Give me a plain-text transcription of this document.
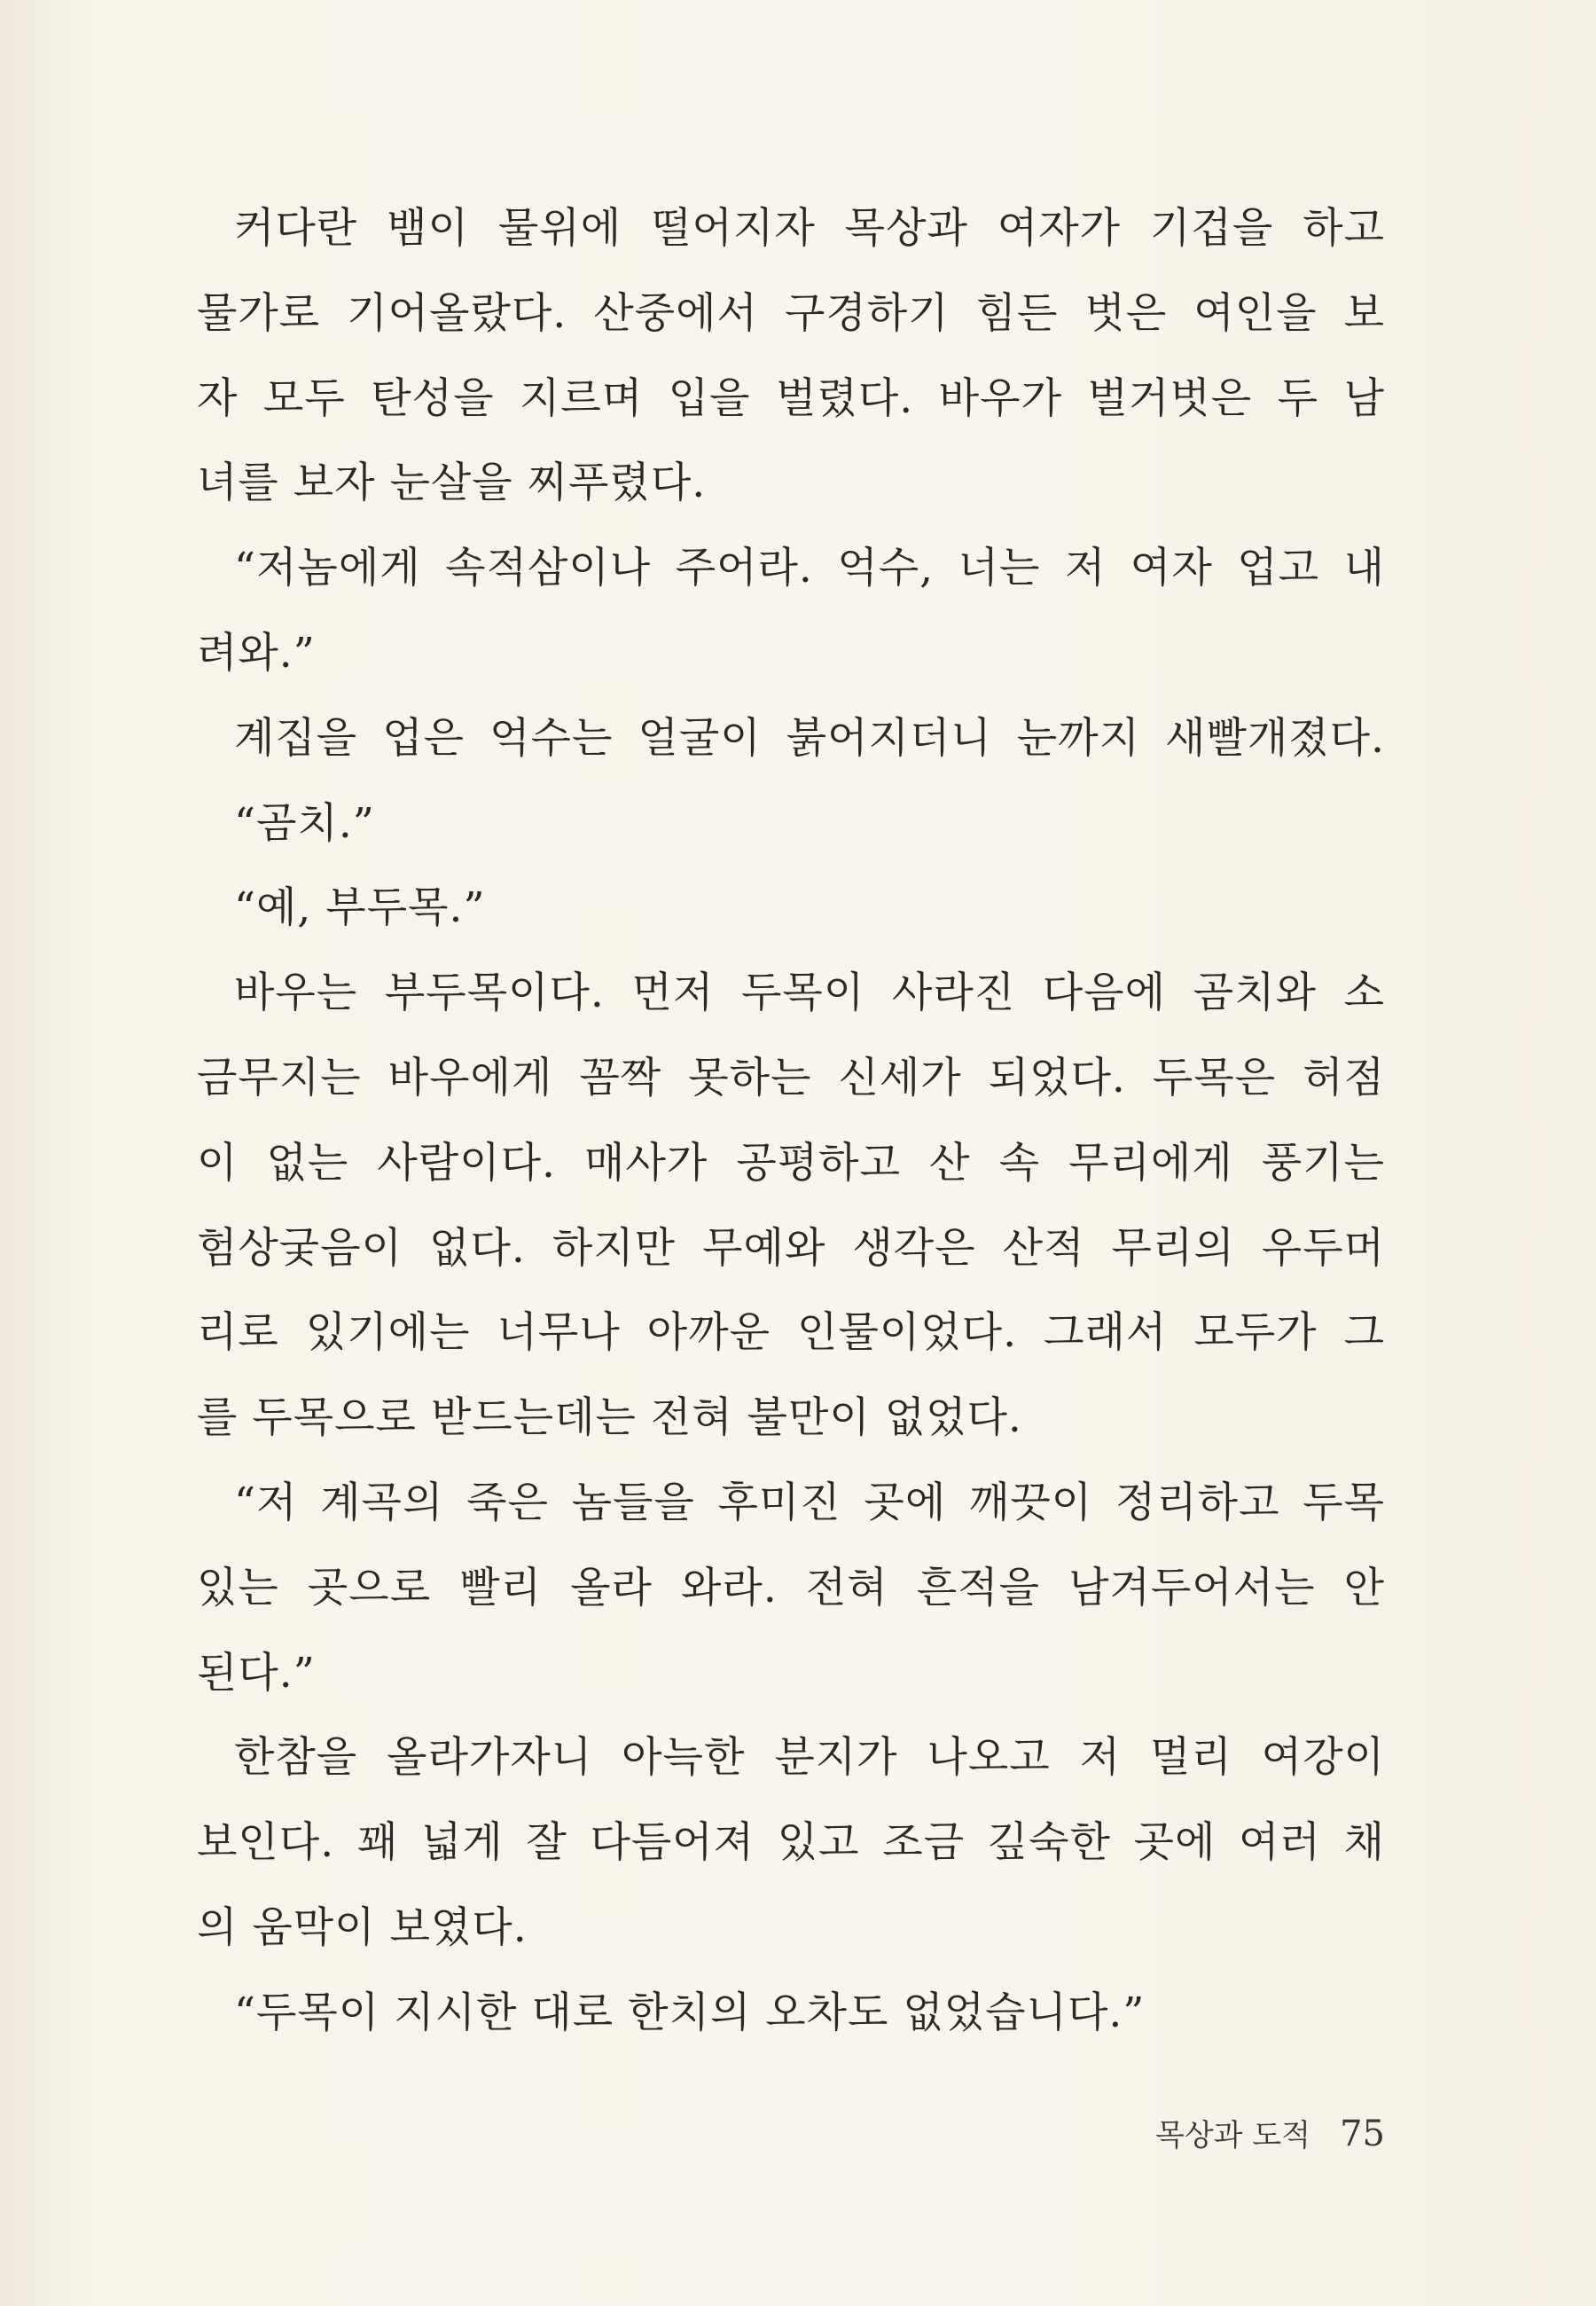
커다란 뱀이 물위에 떨어지자 목상과 여자가 기겁을 하고
물가로 기어올랐다. 산중에서 구경하기 힘든 벗은 여인을 보
자 모두 탄성을 지르며 입을 벌렸다. 바우가 벌거벗은 두 남
녀를 보자 눈살을 찌푸렸다.
“저놈에게 속적삼이나 주어라. 억수, 너는 저 여자 업고 내
려와.”
계집을 업은 억수는 얼굴이 붉어지더니 눈까지 새빨개졌다.
“곰치.”
“예, 부두목.”
바우는 부두목이다. 먼저 두목이 사라진 다음에 곰치와 소
금무지는 바우에게 꼼짝 못하는 신세가 되었다. 두목은 허점
이 없는 사람이다. 매사가 공평하고 산 속 무리에게 풍기는
험상궂음이 없다. 하지만 무예와 생각은 산적 무리의 우두머
리로 있기에는 너무나 아까운 인물이었다. 그래서 모두가 그
를 두목으로 받드는데는 전혀 불만이 없었다.
“저 계곡의 죽은 놈들을 후미진 곳에 깨끗이 정리하고 두목
있는 곳으로 빨리 올라 와라. 전혀 흔적을 남겨두어서는 안
된다.”
한참을 올라가자니 아늑한 분지가 나오고 저 멀리 여강이
보인다. 꽤 넓게 잘 다듬어져 있고 조금 깊숙한 곳에 여러 채
의 움막이 보였다.
“두목이 지시한 대로 한치의 오차도 없었습니다.”
목상과 도적 75
